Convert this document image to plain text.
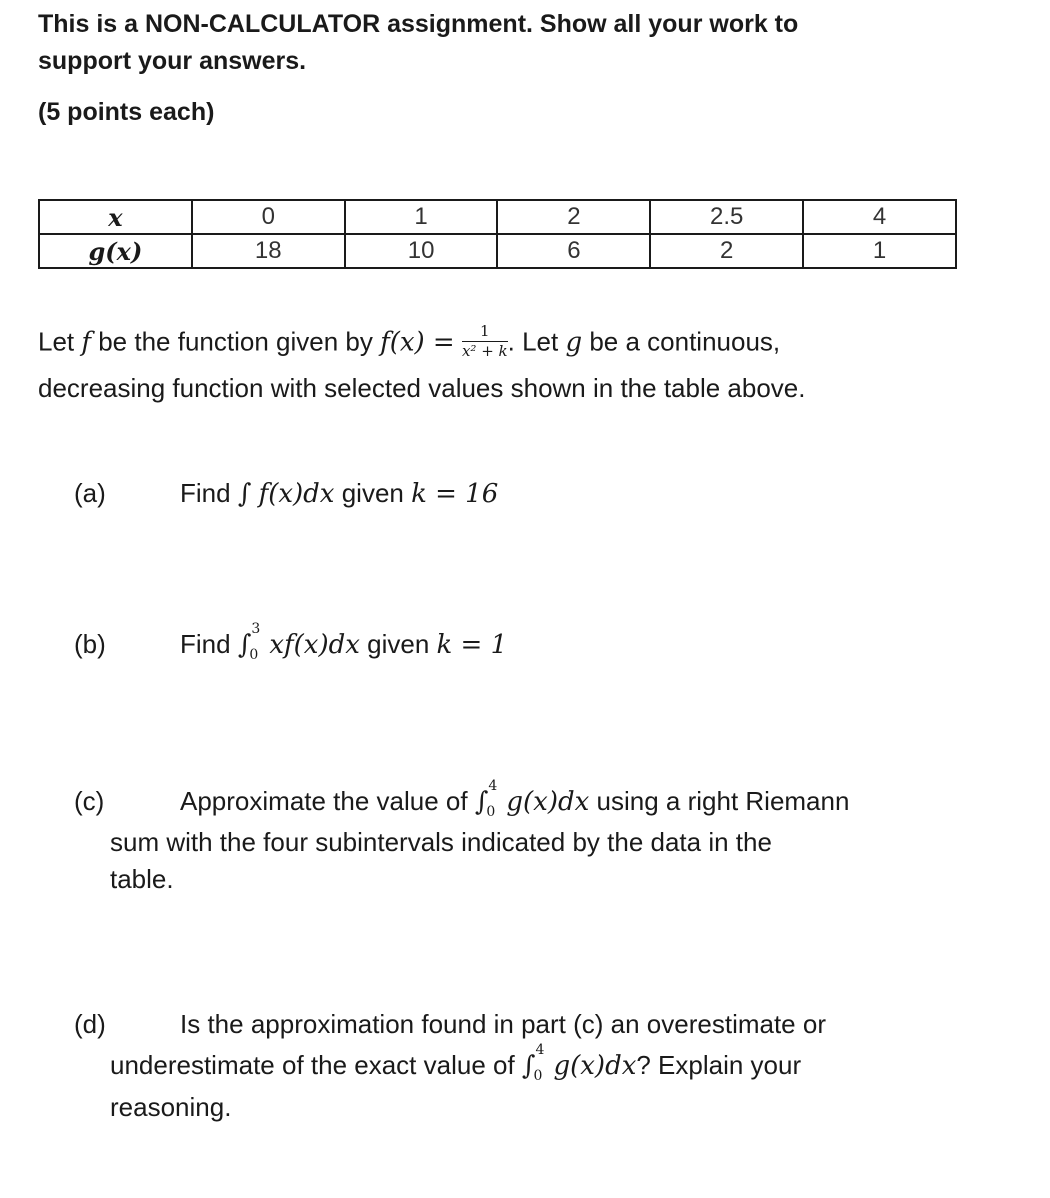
This is a NON-CALCULATOR assignment. Show all your work to
support your answers.
(5 points each)
x	0	1	2	2.5	4
g(x)	18	10	6	2	1
Let f be the function given by $f(x) = \frac{1}{\text{x² + k}}$ . Let g be a continuous,
decreasing function with selected values shown in the table above.
(a)	Find ∫ f(x)dx given k = 16
(b)	Find ∫
3
0 xf(x)dx given k = 1
(c)	Approximate the value of ∫
4
0 g(x)dx using a right Riemann
sum with the four subintervals indicated by the data in the
table.
(d)	Is the approximation found in part (c) an overestimate or
underestimate of the exact value of ∫
4
0 g(x)dx? Explain your
reasoning.
